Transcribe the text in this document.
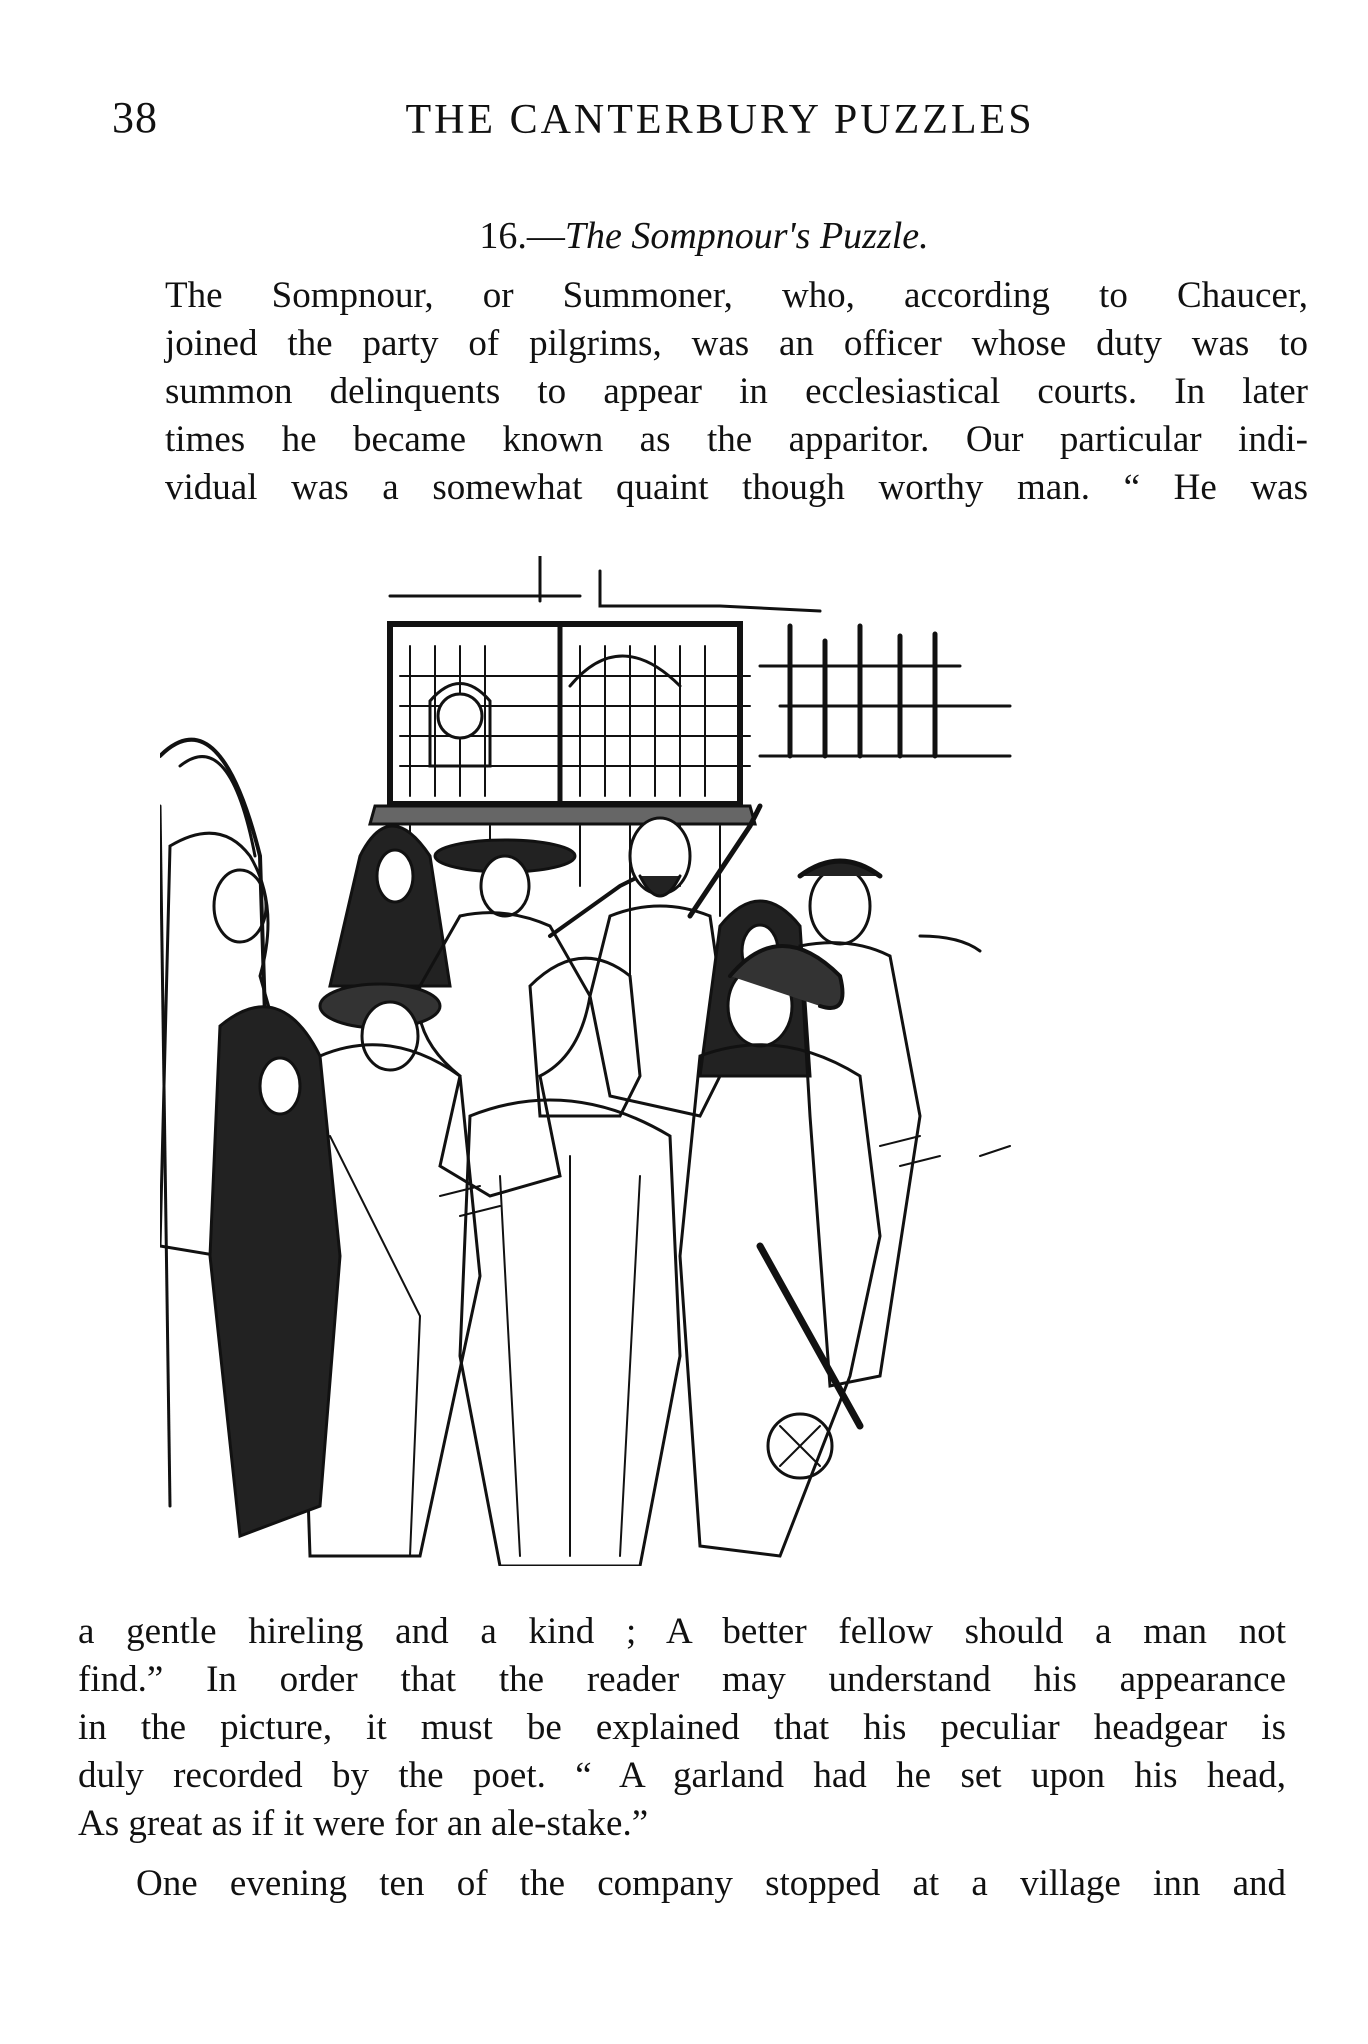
38	THE CANTERBURY PUZZLES
16.—The Sompnour's Puzzle.
The Sompnour, or Summoner, who, according to Chaucer,
joined the party of pilgrims, was an officer whose duty was to
summon delinquents to appear in ecclesiastical courts. In later
times he became known as the apparitor. Our particular indi-
vidual was a somewhat quaint though worthy man. “ He was
a gentle hireling and a kind ; A better fellow should a man not
find.” In order that the reader may understand his appearance
in the picture, it must be explained that his peculiar headgear is
duly recorded by the poet. “ A garland had he set upon his head,
As great as if it were for an ale-stake.”
One evening ten of the company stopped at a village inn and
